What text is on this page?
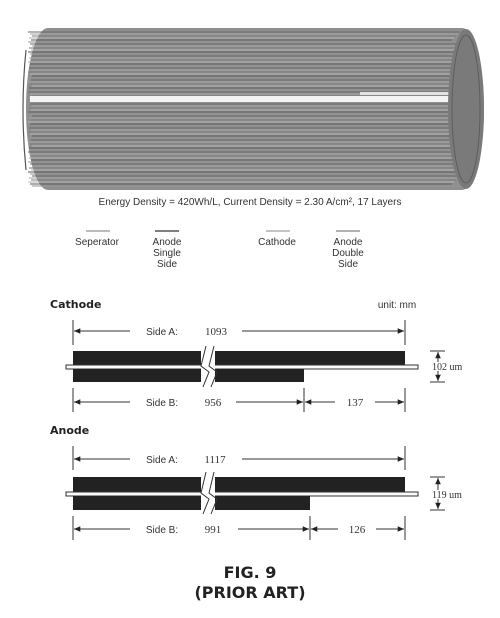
Energy Density = 420Wh/L, Current Density = 2.30 A/cm², 17 Layers
Seperator	Anode
Single
Side
Cathode	Anode
Double
Side
Cathode	unit: mm
Side A: 1093
102 um
Side B: 956	137
Anode
Side A: 1117
119 um
Side B: 991	126
FIG. 9
(PRIOR ART)
